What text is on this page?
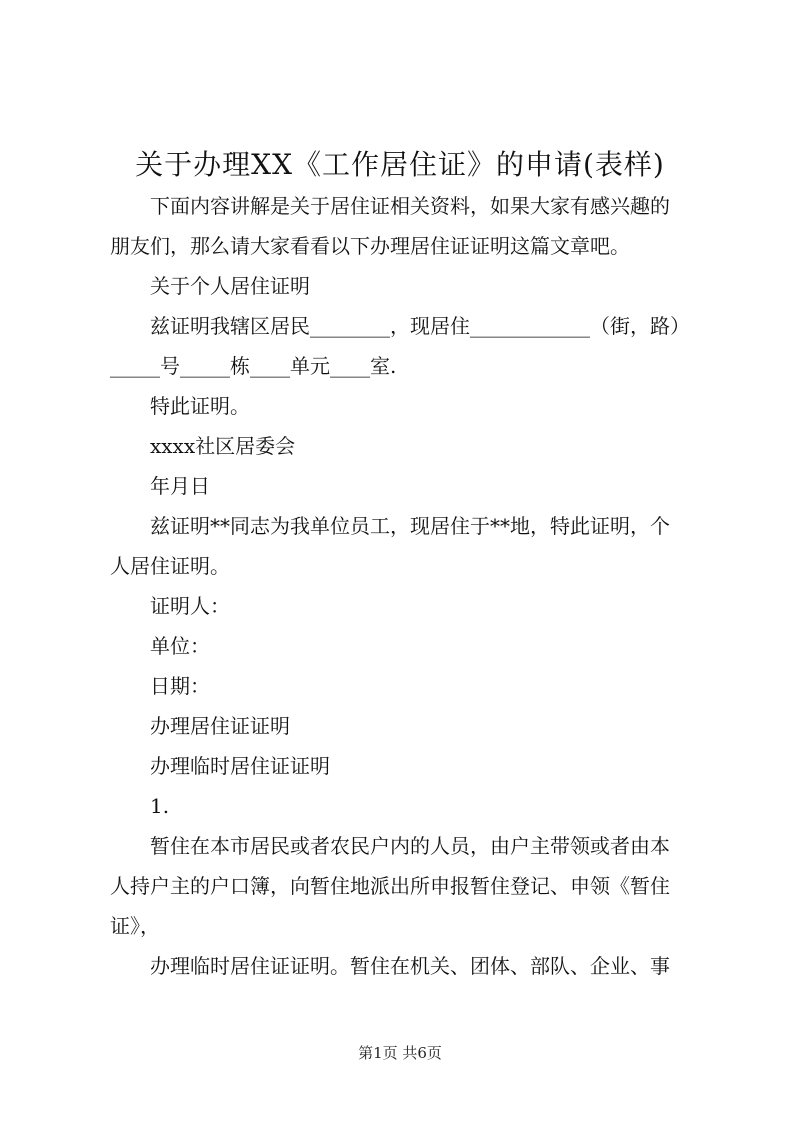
关于办理XX《工作居住证》的申请(表样)
下面内容讲解是关于居住证相关资料，如果大家有感兴趣的
朋友们，那么请大家看看以下办理居住证证明这篇文章吧。
关于个人居住证明
兹证明我辖区居民________，现居住____________（街，路）
_____号_____栋____单元____室.
特此证明。
xxxx社区居委会
年月日
兹证明**同志为我单位员工，现居住于**地，特此证明，个
人居住证明。
证明人：
单位：
日期：
办理居住证证明
办理临时居住证证明
1.
暂住在本市居民或者农民户内的人员，由户主带领或者由本
人持户主的户口簿，向暂住地派出所申报暂住登记、申领《暂住
证》，
办理临时居住证证明。暂住在机关、团体、部队、企业、事
第1页 共6页
